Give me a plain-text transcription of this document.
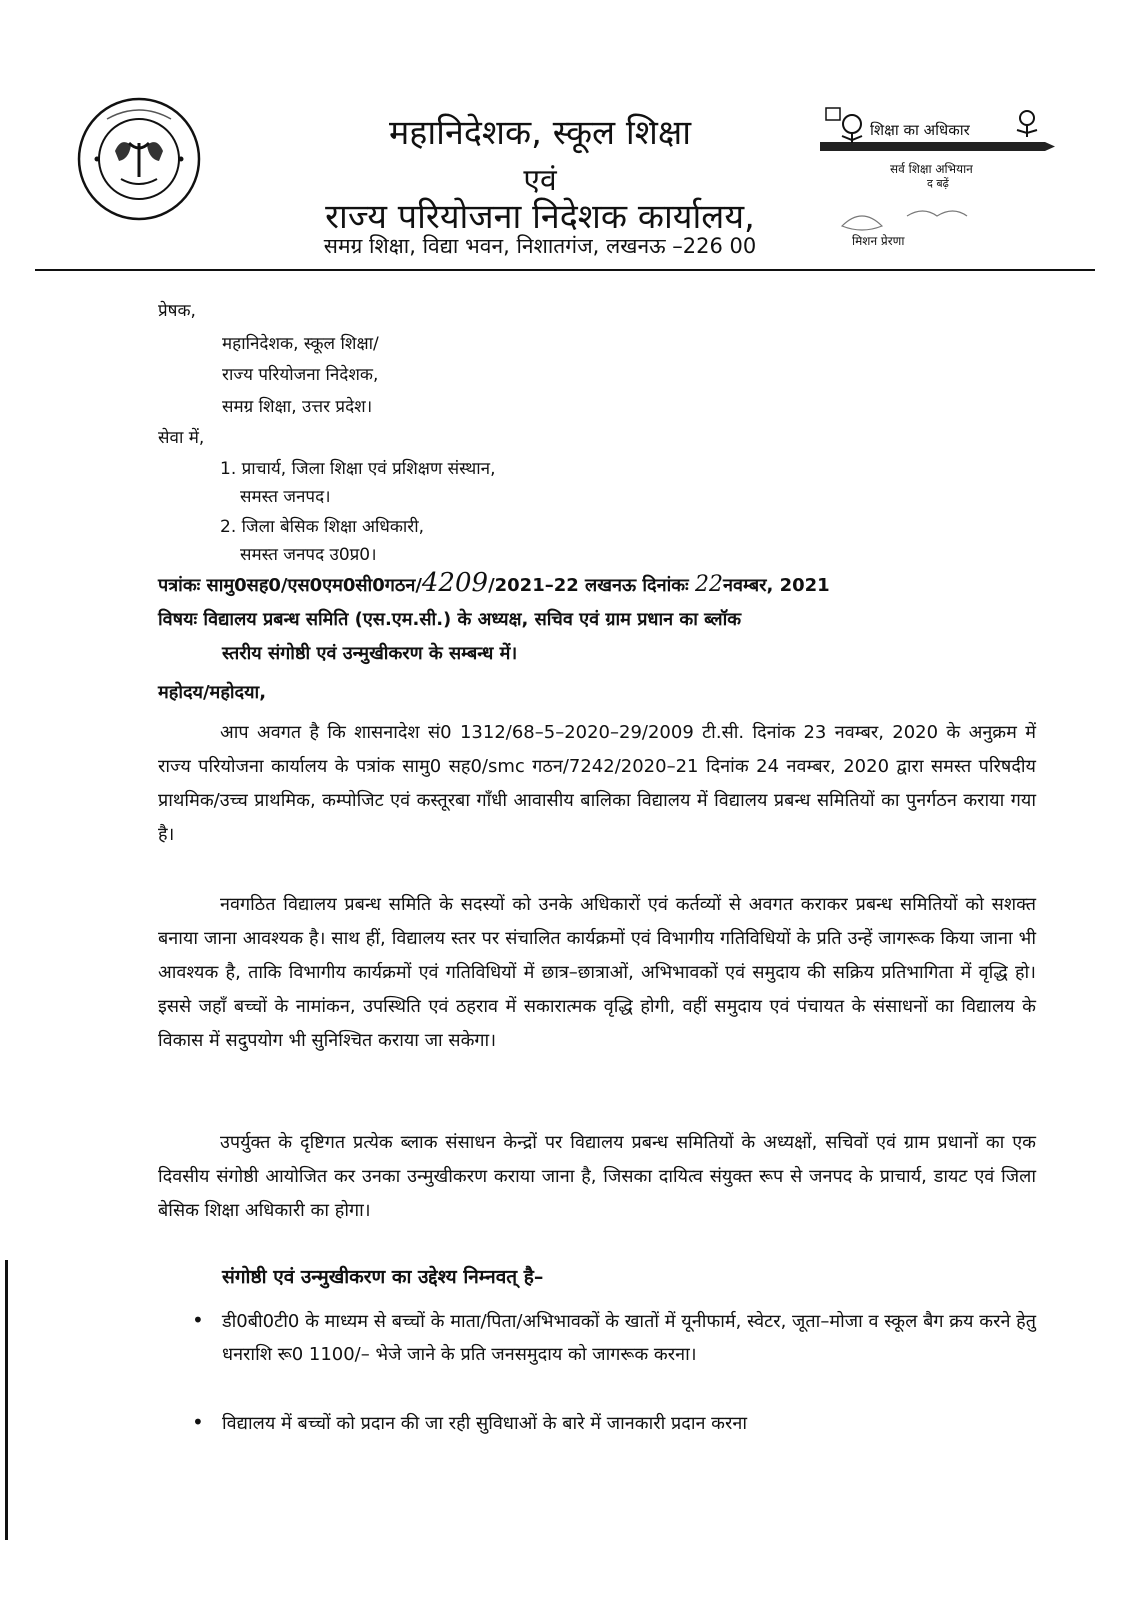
महानिदेशक, स्कूल शिक्षा
एवं
राज्य परियोजना निदेशक कार्यालय,
समग्र शिक्षा, विद्या भवन, निशातगंज, लखनऊ –226 00
शिक्षा का अधिकार
सर्व शिक्षा अभियान
द बढ़ें
मिशन प्रेरणा
प्रेषक,
महानिदेशक, स्कूल शिक्षा/
राज्य परियोजना निदेशक,
समग्र शिक्षा, उत्तर प्रदेश।
सेवा में,
1. प्राचार्य, जिला शिक्षा एवं प्रशिक्षण संस्थान,
समस्त जनपद।
2. जिला बेसिक शिक्षा अधिकारी,
समस्त जनपद उ0प्र0।
पत्रांकः सामु0सह0/एस0एम0सी0गठन/4209/2021–22 लखनऊ दिनांकः 22नवम्बर, 2021
विषयः विद्यालय प्रबन्ध समिति (एस.एम.सी.) के अध्यक्ष, सचिव एवं ग्राम प्रधान का ब्लॉक
स्तरीय संगोष्ठी एवं उन्मुखीकरण के सम्बन्ध में।
महोदय/महोदया,
आप अवगत है कि शासनादेश सं0 1312/68–5–2020–29/2009 टी.सी. दिनांक 23 नवम्बर, 2020 के अनुक्रम में राज्य परियोजना कार्यालय के पत्रांक सामु0 सह0/smc गठन/7242/2020–21 दिनांक 24 नवम्बर, 2020 द्वारा समस्त परिषदीय प्राथमिक/उच्च प्राथमिक, कम्पोजिट एवं कस्तूरबा गाँधी आवासीय बालिका विद्यालय में विद्यालय प्रबन्ध समितियों का पुनर्गठन कराया गया है।
नवगठित विद्यालय प्रबन्ध समिति के सदस्यों को उनके अधिकारों एवं कर्तव्यों से अवगत कराकर प्रबन्ध समितियों को सशक्त बनाया जाना आवश्यक है। साथ हीं, विद्यालय स्तर पर संचालित कार्यक्रमों एवं विभागीय गतिविधियों के प्रति उन्हें जागरूक किया जाना भी आवश्यक है, ताकि विभागीय कार्यक्रमों एवं गतिविधियों में छात्र–छात्राओं, अभिभावकों एवं समुदाय की सक्रिय प्रतिभागिता में वृद्धि हो। इससे जहाँ बच्चों के नामांकन, उपस्थिति एवं ठहराव में सकारात्मक वृद्धि होगी, वहीं समुदाय एवं पंचायत के संसाधनों का विद्यालय के विकास में सदुपयोग भी सुनिश्चित कराया जा सकेगा।
उपर्युक्त के दृष्टिगत प्रत्येक ब्लाक संसाधन केन्द्रों पर विद्यालय प्रबन्ध समितियों के अध्यक्षों, सचिवों एवं ग्राम प्रधानों का एक दिवसीय संगोष्ठी आयोजित कर उनका उन्मुखीकरण कराया जाना है, जिसका दायित्व संयुक्त रूप से जनपद के प्राचार्य, डायट एवं जिला बेसिक शिक्षा अधिकारी का होगा।
संगोष्ठी एवं उन्मुखीकरण का उद्देश्य निम्नवत् है–
• डी0बी0टी0 के माध्यम से बच्चों के माता/पिता/अभिभावकों के खातों में यूनीफार्म, स्वेटर, जूता–मोजा व स्कूल बैग क्रय करने हेतु धनराशि रू0 1100/– भेजे जाने के प्रति जनसमुदाय को जागरूक करना।
• विद्यालय में बच्चों को प्रदान की जा रही सुविधाओं के बारे में जानकारी प्रदान करना
